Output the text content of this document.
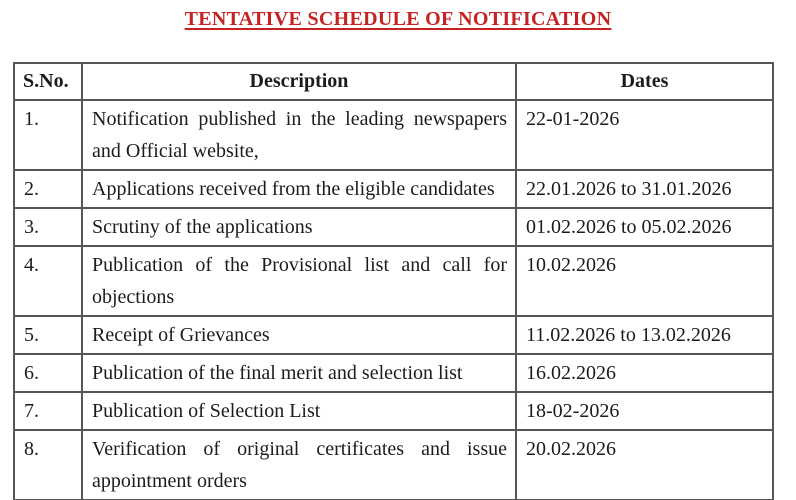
TENTATIVE SCHEDULE OF NOTIFICATION
S.No.	Description	Dates
1.	Notification published in the leading newspapers and Official website,	22-01-2026
2.	Applications received from the eligible candidates	22.01.2026 to 31.01.2026
3.	Scrutiny of the applications	01.02.2026 to 05.02.2026
4.	Publication of the Provisional list and call for objections	10.02.2026
5.	Receipt of Grievances	11.02.2026 to 13.02.2026
6.	Publication of the final merit and selection list	16.02.2026
7.	Publication of Selection List	18-02-2026
8.	Verification of original certificates and issue appointment orders	20.02.2026
